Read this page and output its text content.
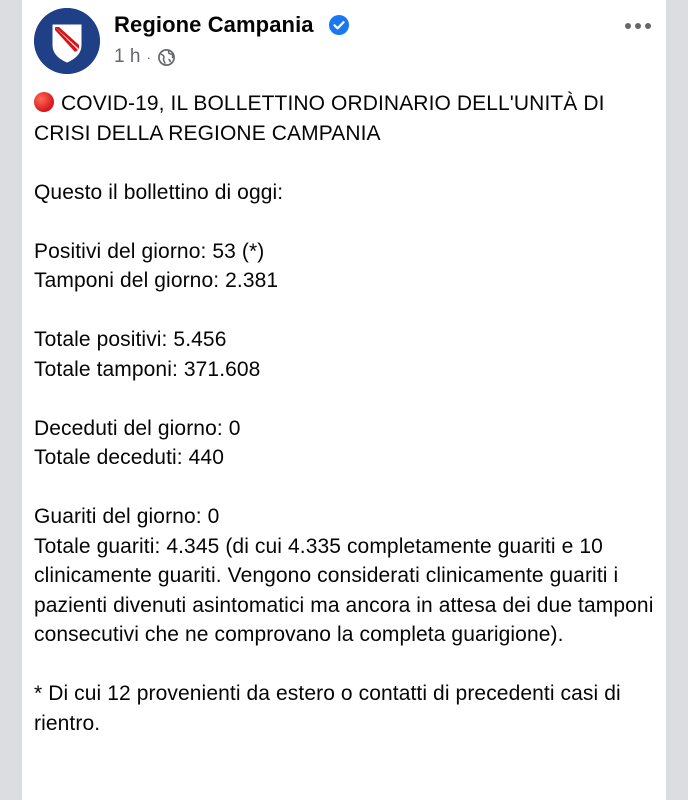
Regione Campania
1 h ·

COVID-19, IL BOLLETTINO ORDINARIO DELL'UNITÀ DI CRISI DELLA REGIONE CAMPANIA

Questo il bollettino di oggi:

Positivi del giorno: 53 (*)

Tamponi del giorno: 2.381

Totale positivi: 5.456

Totale tamponi: 371.608

Deceduti del giorno: 0

Totale deceduti: 440

Guariti del giorno: 0

Totale guariti: 4.345 (di cui 4.335 completamente guariti e 10 clinicamente guariti. Vengono considerati clinicamente guariti i pazienti divenuti asintomatici ma ancora in attesa dei due tamponi consecutivi che ne comprovano la completa guarigione).

* Di cui 12 provenienti da estero o contatti di precedenti casi di rientro.
